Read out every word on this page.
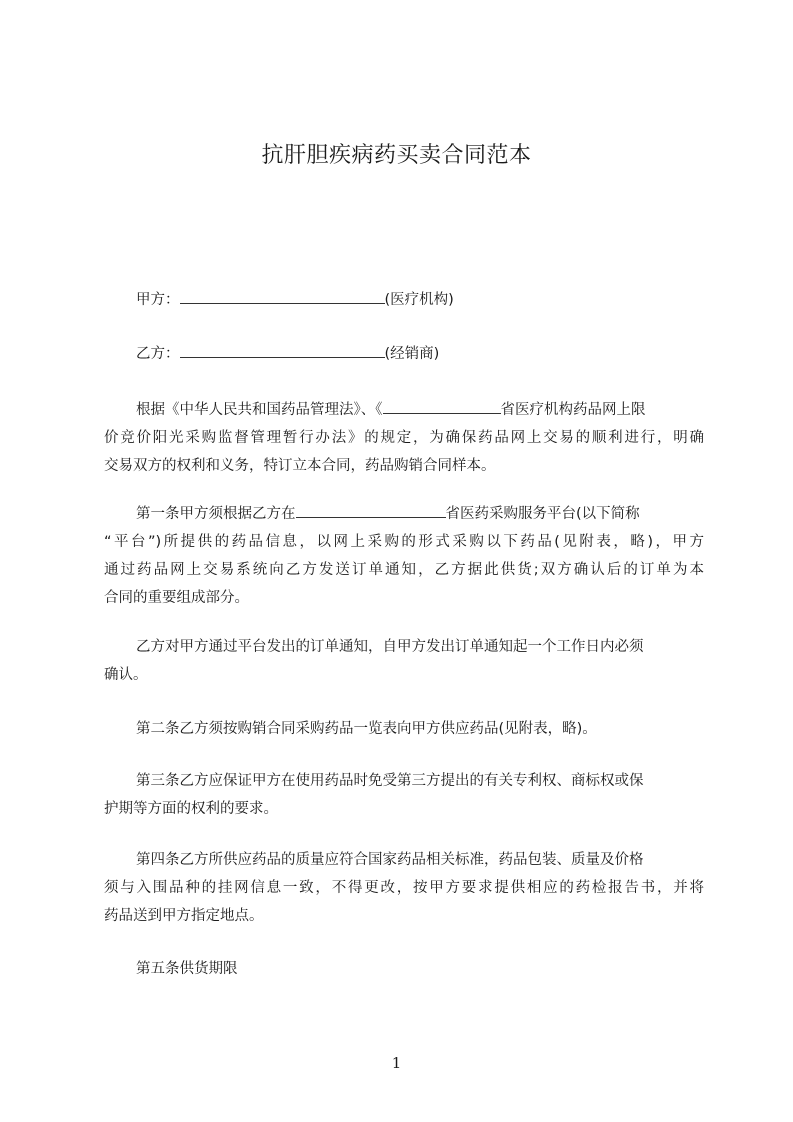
抗肝胆疾病药买卖合同范本
甲方：	(医疗机构)
乙方：	(经销商)
根据《中华人民共和国药品管理法》、《	省医疗机构药品网上限
价竞价阳光采购监督管理暂行办法》的规定，为确保药品网上交易的顺利进行，明确
交易双方的权利和义务，特订立本合同，药品购销合同样本。
第一条甲方须根据乙方在	省医药采购服务平台(以下简称
“平台”)所提供的药品信息，以网上采购的形式采购以下药品(见附表，略)，甲方
通过药品网上交易系统向乙方发送订单通知，乙方据此供货;双方确认后的订单为本
合同的重要组成部分。
乙方对甲方通过平台发出的订单通知，自甲方发出订单通知起一个工作日内必须
确认。
第二条乙方须按购销合同采购药品一览表向甲方供应药品(见附表，略)。
第三条乙方应保证甲方在使用药品时免受第三方提出的有关专利权、商标权或保
护期等方面的权利的要求。
第四条乙方所供应药品的质量应符合国家药品相关标准，药品包装、质量及价格
须与入围品种的挂网信息一致，不得更改，按甲方要求提供相应的药检报告书，并将
药品送到甲方指定地点。
第五条供货期限
1
